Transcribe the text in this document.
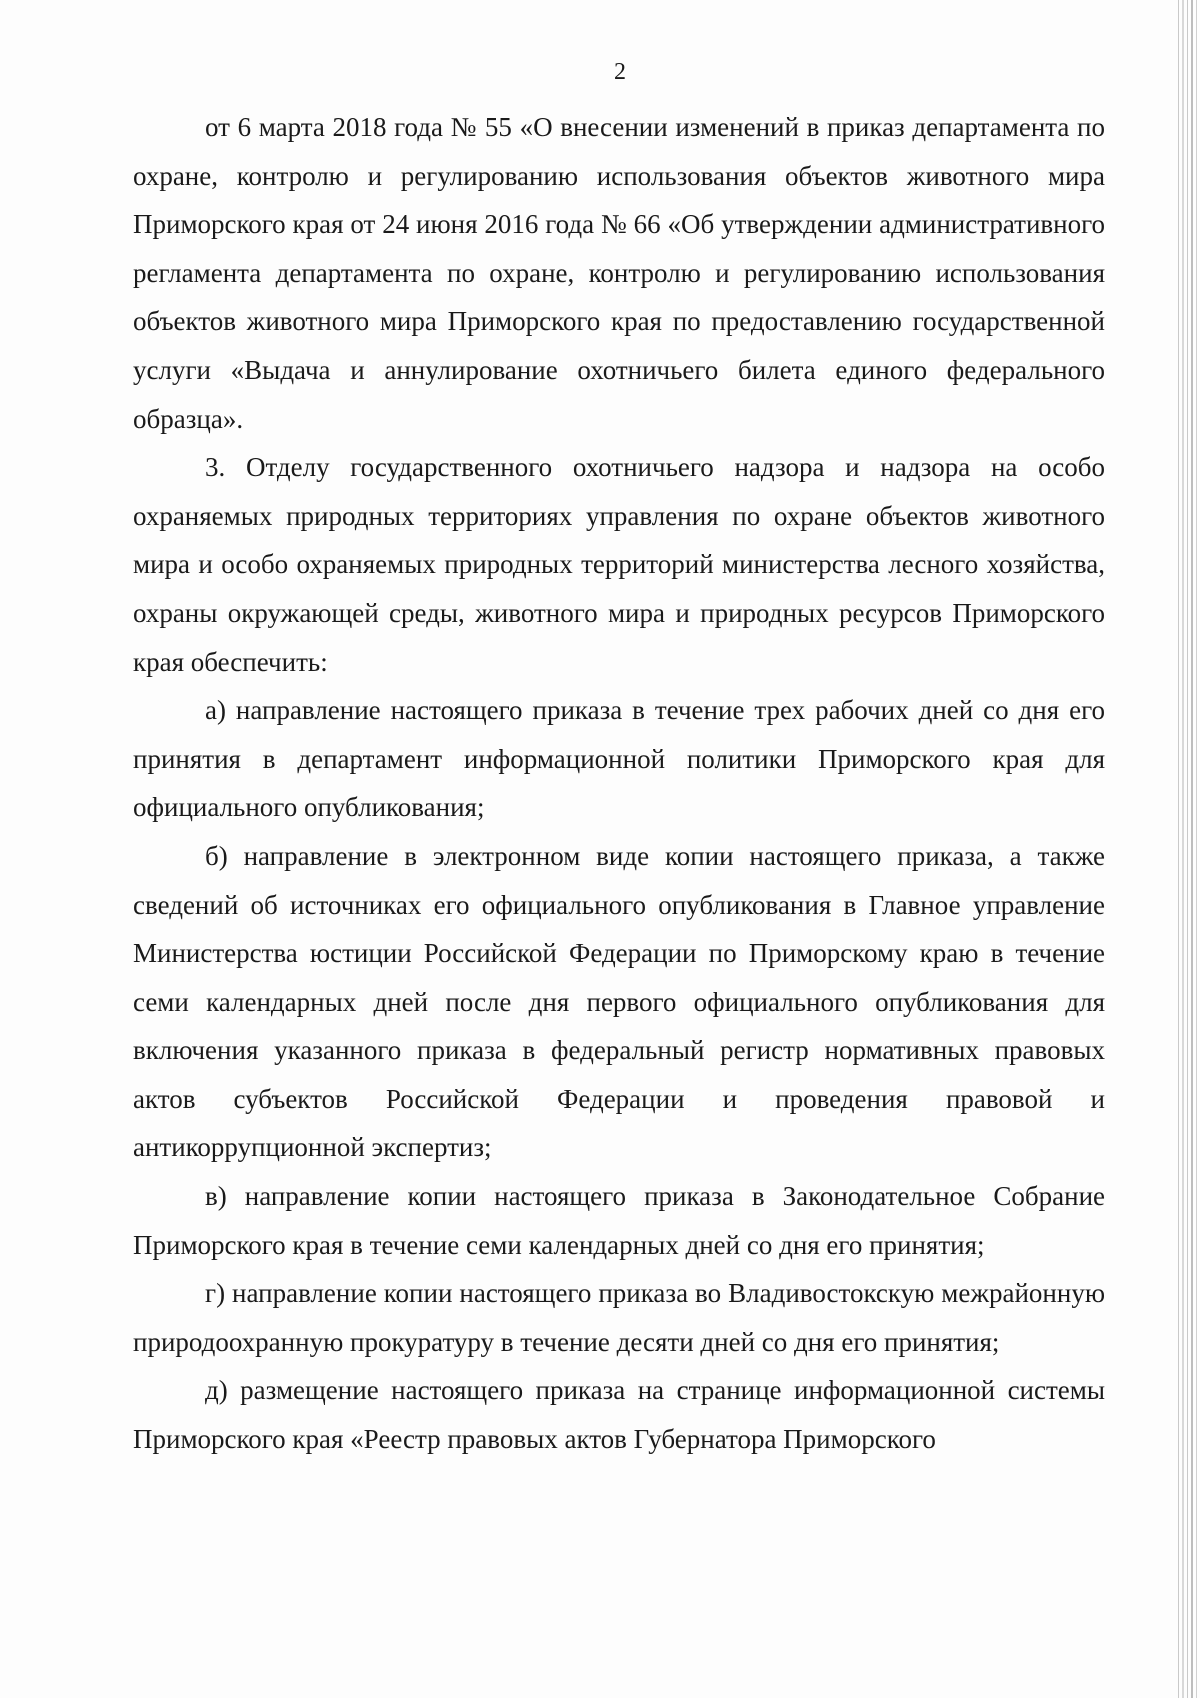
2

от 6 марта 2018 года № 55 «О внесении изменений в приказ департамента по охране, контролю и регулированию использования объектов животного мира Приморского края от 24 июня 2016 года № 66 «Об утверждении административного регламента департамента по охране, контролю и регулированию использования объектов животного мира Приморского края по предоставлению государственной услуги «Выдача и аннулирование охотничьего билета единого федерального образца».

3. Отделу государственного охотничьего надзора и надзора на особо охраняемых природных территориях управления по охране объектов животного мира и особо охраняемых природных территорий министерства лесного хозяйства, охраны окружающей среды, животного мира и природных ресурсов Приморского края обеспечить:

а) направление настоящего приказа в течение трех рабочих дней со дня его принятия в департамент информационной политики Приморского края для официального опубликования;

б) направление в электронном виде копии настоящего приказа, а также сведений об источниках его официального опубликования в Главное управление Министерства юстиции Российской Федерации по Приморскому краю в течение семи календарных дней после дня первого официального опубликования для включения указанного приказа в федеральный регистр нормативных правовых актов субъектов Российской Федерации и проведения правовой и антикоррупционной экспертиз;

в) направление копии настоящего приказа в Законодательное Собрание Приморского края в течение семи календарных дней со дня его принятия;

г) направление копии настоящего приказа во Владивостокскую межрайонную природоохранную прокуратуру в течение десяти дней со дня его принятия;

д) размещение настоящего приказа на странице информационной системы Приморского края «Реестр правовых актов Губернатора Приморского
